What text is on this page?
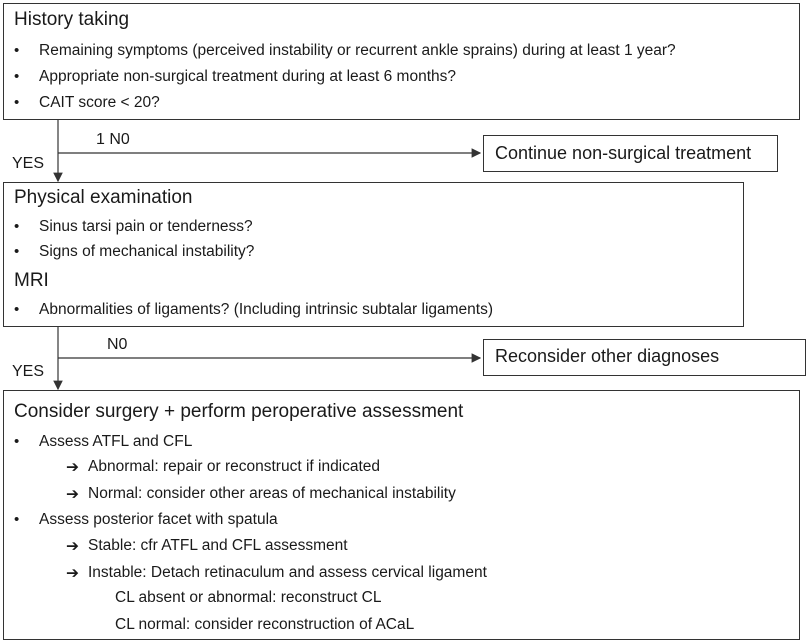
History taking
• Remaining symptoms (perceived instability or recurrent ankle sprains) during at least 1 year?
• Appropriate non-surgical treatment during at least 6 months?
• CAIT score < 20?
1 N0
YES
Continue non-surgical treatment
Physical examination
• Sinus tarsi pain or tenderness?
• Signs of mechanical instability?
MRI
• Abnormalities of ligaments? (Including intrinsic subtalar ligaments)
N0
YES
Reconsider other diagnoses
Consider surgery + perform peroperative assessment
• Assess ATFL and CFL
➔ Abnormal: repair or reconstruct if indicated
➔ Normal: consider other areas of mechanical instability
• Assess posterior facet with spatula
➔ Stable: cfr ATFL and CFL assessment
➔ Instable: Detach retinaculum and assess cervical ligament
CL absent or abnormal: reconstruct CL
CL normal: consider reconstruction of ACaL
